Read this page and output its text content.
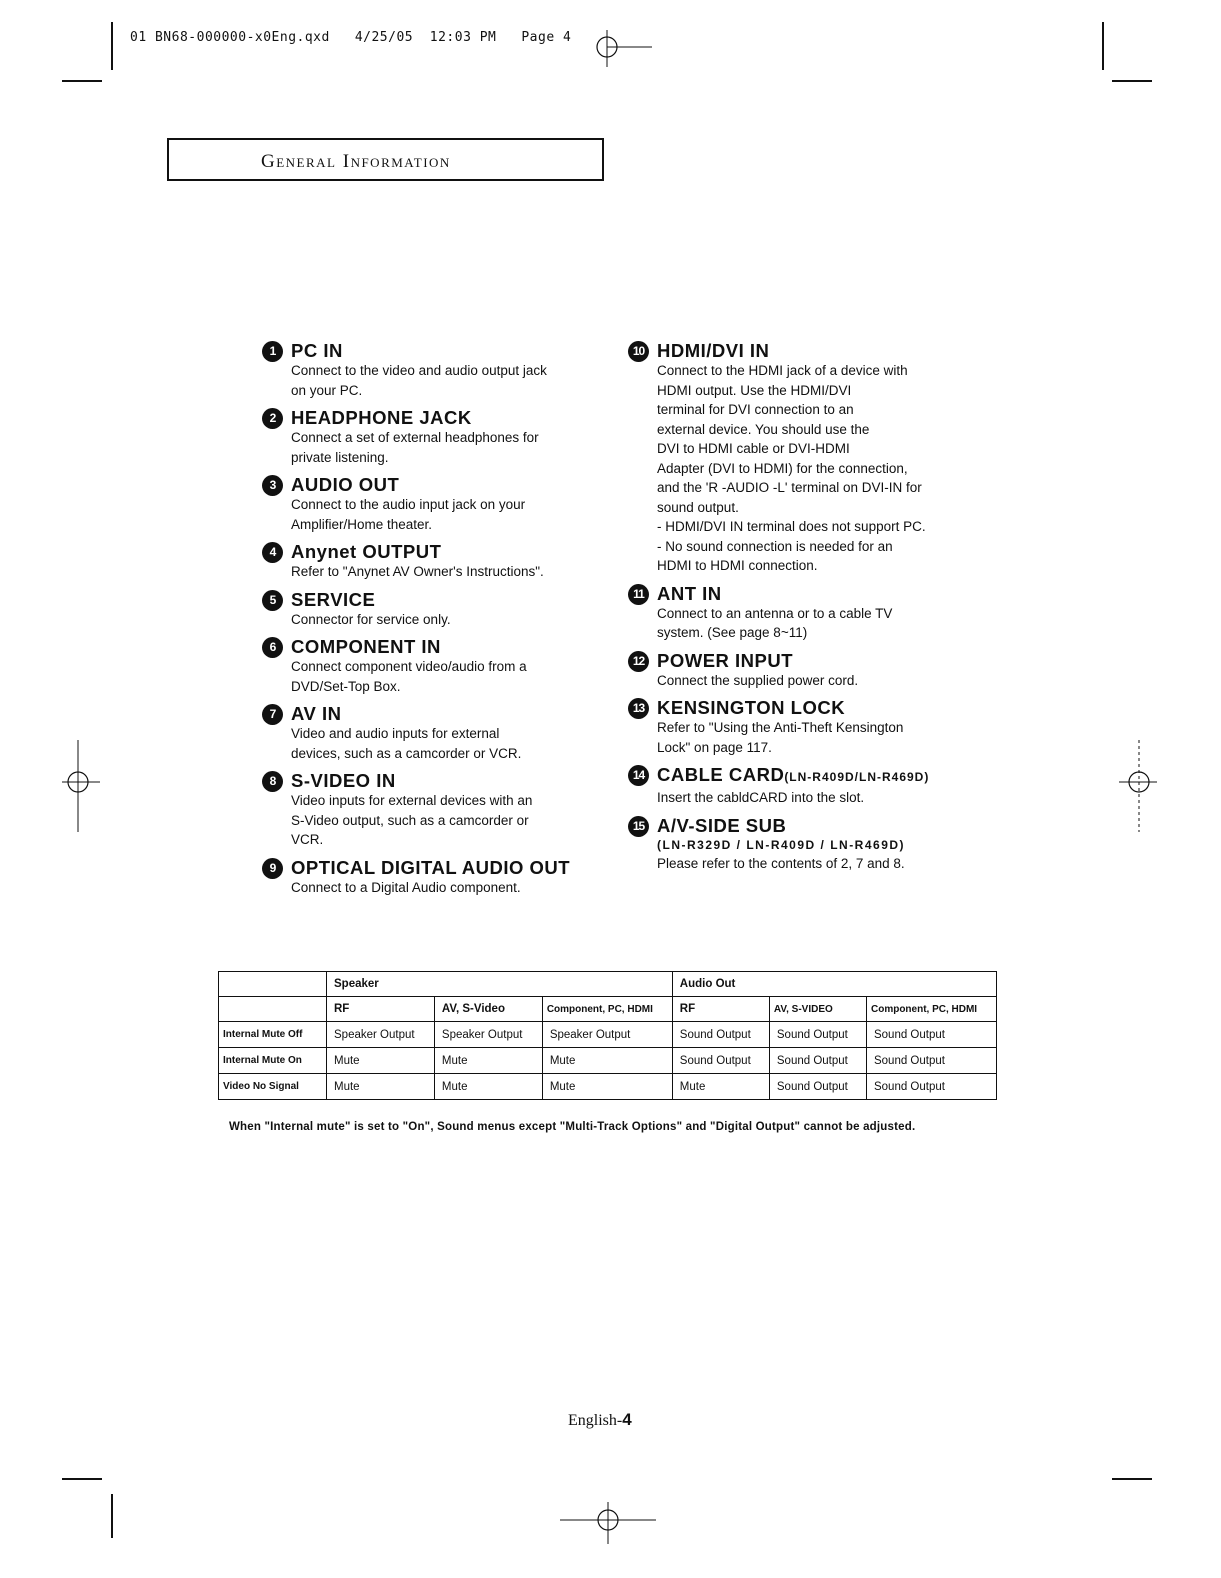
01 BN68-000000-x0Eng.qxd   4/25/05  12:03 PM   Page 4
General Information
1 PC IN
Connect to the video and audio output jack
on your PC.
2 HEADPHONE JACK
Connect a set of external headphones for
private listening.
3 AUDIO OUT
Connect to the audio input jack on your
Amplifier/Home theater.
4 Anynet OUTPUT
Refer to "Anynet AV Owner's Instructions".
5 SERVICE
Connector for service only.
6 COMPONENT IN
Connect component video/audio from a
DVD/Set-Top Box.
7 AV IN
Video and audio inputs for external
devices, such as a camcorder or VCR.
8 S-VIDEO IN
Video inputs for external devices with an
S-Video output, such as a camcorder or
VCR.
9 OPTICAL DIGITAL AUDIO OUT
Connect to a Digital Audio component.
10 HDMI/DVI IN
Connect to the HDMI jack of a device with
HDMI output. Use the HDMI/DVI
terminal for DVI connection to an
external device. You should use the
DVI to HDMI cable or DVI-HDMI
Adapter (DVI to HDMI) for the connection,
and the 'R -AUDIO -L' terminal on DVI-IN for
sound output.
- HDMI/DVI IN terminal does not support PC.
- No sound connection is needed for an
HDMI to HDMI connection.
11 ANT IN
Connect to an antenna or to a cable TV
system. (See page 8~11)
12 POWER INPUT
Connect the supplied power cord.
13 KENSINGTON LOCK
Refer to "Using the Anti-Theft Kensington
Lock" on page 117.
14 CABLE CARD(LN-R409D/LN-R469D)
Insert the cabldCARD into the slot.
15 A/V-SIDE SUB
(LN-R329D / LN-R409D / LN-R469D)
Please refer to the contents of 2, 7 and 8.
	Speaker			Audio Out		
	RF	AV, S-Video	Component, PC, HDMI	RF	AV, S-VIDEO	Component, PC, HDMI
Internal Mute Off	Speaker Output	Speaker Output	Speaker Output	Sound Output	Sound Output	Sound Output
Internal Mute On	Mute	Mute	Mute	Sound Output	Sound Output	Sound Output
Video No Signal	Mute	Mute	Mute	Mute	Sound Output	Sound Output
When "Internal mute" is set to "On", Sound menus except "Multi-Track Options" and "Digital Output" cannot be adjusted.
English-4
